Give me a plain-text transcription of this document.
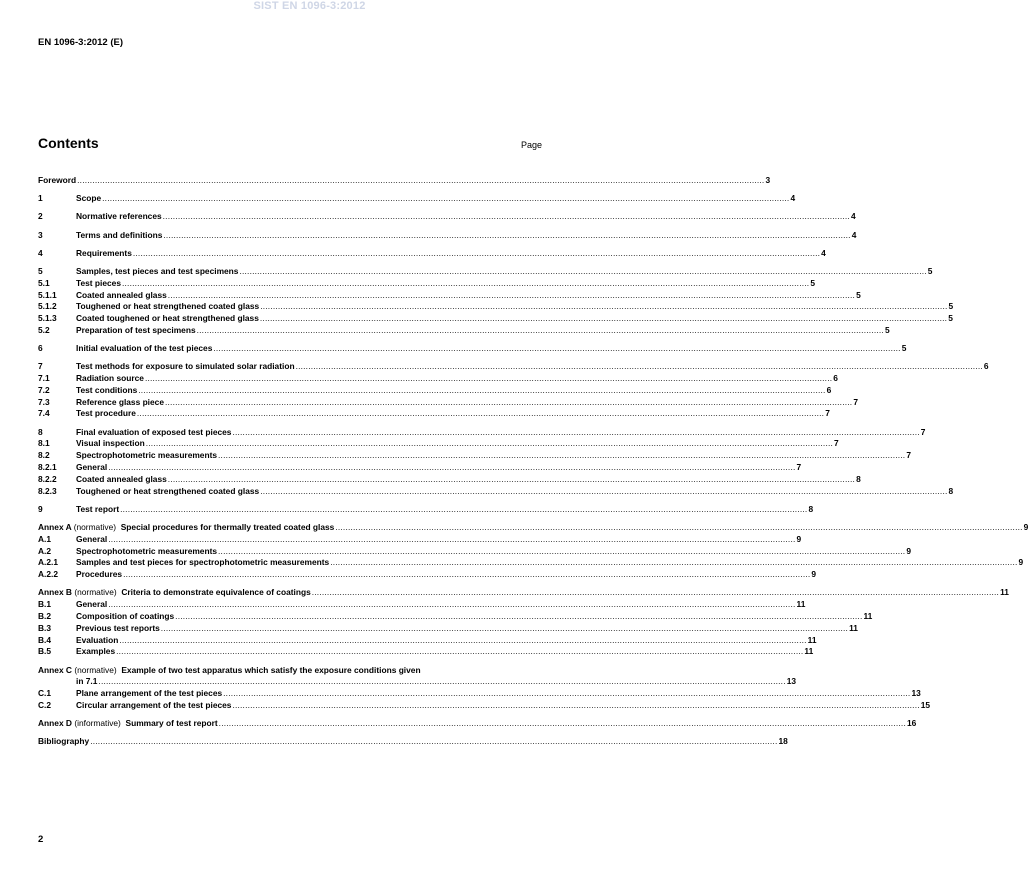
SIST EN 1096-3:2012
EN 1096-3:2012 (E)
Contents	Page
Foreword .....	3
1	Scope .....	4
2	Normative references .....	4
3	Terms and definitions .....	4
4	Requirements .....	4
5	Samples, test pieces and test specimens .....	5
5.1	Test pieces .....	5
5.1.1	Coated annealed glass .....	5
5.1.2	Toughened or heat strengthened coated glass .....	5
5.1.3	Coated toughened or heat strengthened glass .....	5
5.2	Preparation of test specimens .....	5
6	Initial evaluation of the test pieces .....	5
7	Test methods for exposure to simulated solar radiation .....	6
7.1	Radiation source .....	6
7.2	Test conditions .....	6
7.3	Reference glass piece .....	7
7.4	Test procedure .....	7
8	Final evaluation of exposed test pieces .....	7
8.1	Visual inspection .....	7
8.2	Spectrophotometric measurements .....	7
8.2.1	General .....	7
8.2.2	Coated annealed glass .....	8
8.2.3	Toughened or heat strengthened coated glass .....	8
9	Test report .....	8
Annex A (normative) Special procedures for thermally treated coated glass .....	9
A.1	General .....	9
A.2	Spectrophotometric measurements .....	9
A.2.1	Samples and test pieces for spectrophotometric measurements .....	9
A.2.2	Procedures .....	9
Annex B (normative) Criteria to demonstrate equivalence of coatings .....	11
B.1	General .....	11
B.2	Composition of coatings .....	11
B.3	Previous test reports .....	11
B.4	Evaluation .....	11
B.5	Examples .....	11
Annex C (normative) Example of two test apparatus which satisfy the exposure conditions given
in 7.1 .....	13
C.1	Plane arrangement of the test pieces .....	13
C.2	Circular arrangement of the test pieces .....	15
Annex D (informative) Summary of test report .....	16
Bibliography .....	18
2
